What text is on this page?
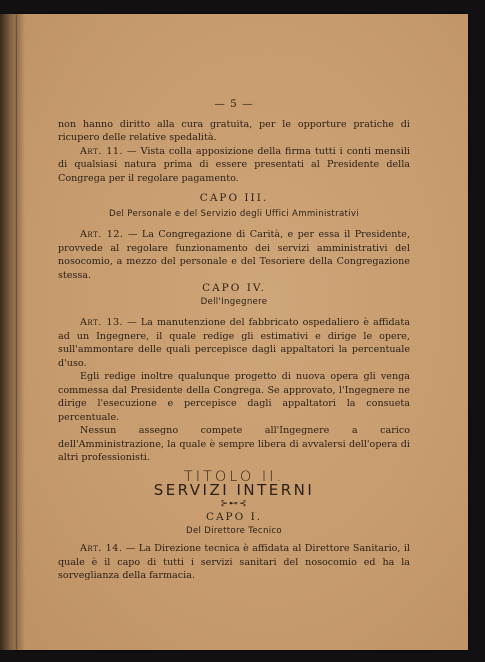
— 5 —

non hanno diritto alla cura gratuita, per le opporture pratiche di ricupero delle relative spedalità.

Art. 11. — Vista colla apposizione della firma tutti i conti mensili di qualsiasi natura prima di essere presentati al Presidente della Congrega per il regolare pagamento.

CAPO III.
Del Personale e del Servizio degli Uffici Amministrativi

Art. 12. — La Congregazione di Carità, e per essa il Presidente, provvede al regolare funzionamento dei servizi amministrativi del nosocomio, a mezzo del personale e del Tesoriere della Congregazione stessa.

CAPO IV.
Dell'Ingegnere

Art. 13. — La manutenzione del fabbricato ospedaliero è affidata ad un Ingegnere, il quale redige gli estimativi e dirige le opere, sull'ammontare delle quali percepisce dagli appaltatori la percentuale d'uso.

Egli redige inoltre qualunque progetto di nuova opera gli venga commessa dal Presidente della Congrega. Se approvato, l'Ingegnere ne dirige l'esecuzione e percepisce dagli appaltatori la consueta percentuale.

Nessun assegno compete all'Ingegnere a carico dell'Amministrazione, la quale è sempre libera di avvalersi dell'opera di altri professionisti.

TITOLO II.
SERVIZI INTERNI
⊱⊷⊰
CAPO I.
Del Direttore Tecnico

Art. 14. — La Direzione tecnica è affidata al Direttore Sanitario, il quale è il capo di tutti i servizi sanitari del nosocomio ed ha la sorveglianza della farmacia.
